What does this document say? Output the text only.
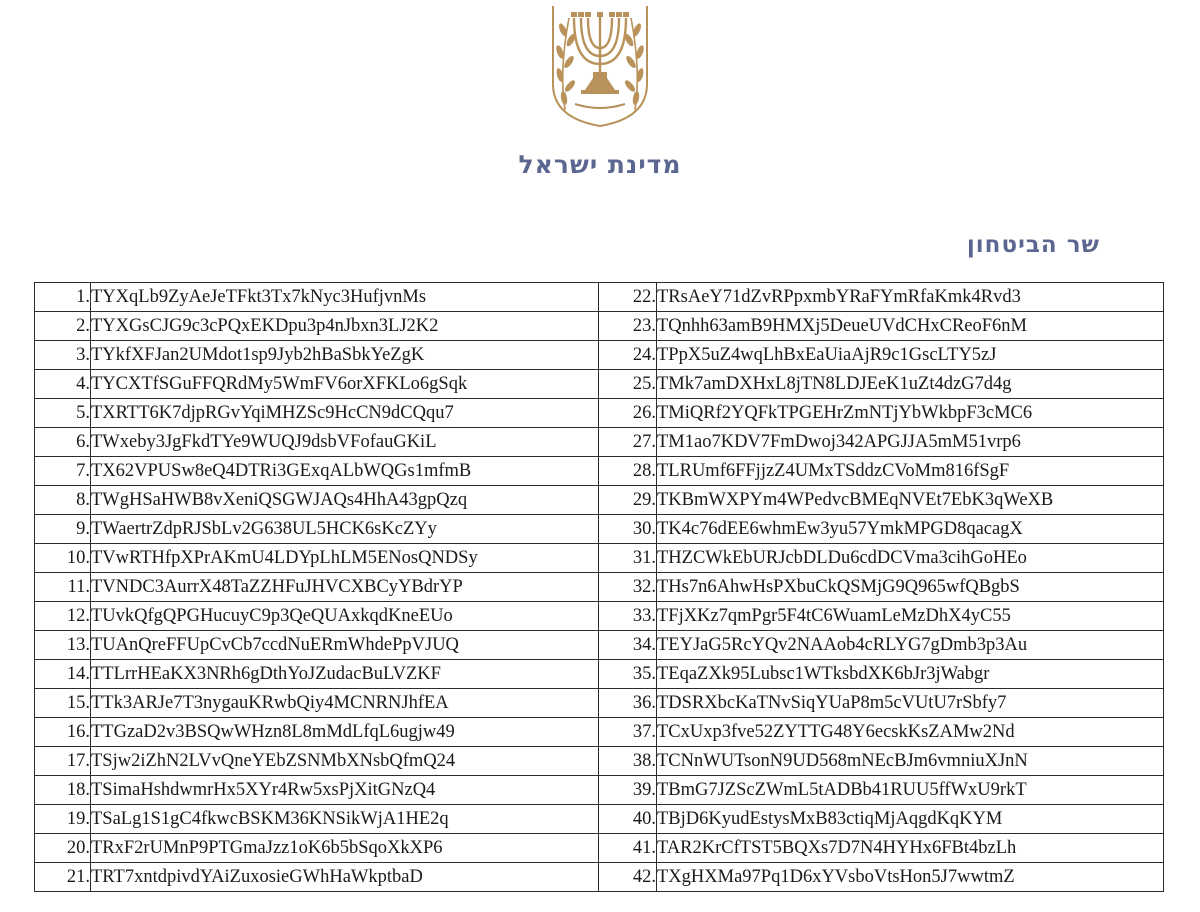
מדינת ישראל
שר הביטחון
1.	TYXqLb9ZyAeJeTFkt3Tx7kNyc3HufjvnMs	22.	TRsAeY71dZvRPpxmbYRaFYmRfaKmk4Rvd3
2.	TYXGsCJG9c3cPQxEKDpu3p4nJbxn3LJ2K2	23.	TQnhh63amB9HMXj5DeueUVdCHxCReoF6nM
3.	TYkfXFJan2UMdot1sp9Jyb2hBaSbkYeZgK	24.	TPpX5uZ4wqLhBxEaUiaAjR9c1GscLTY5zJ
4.	TYCXTfSGuFFQRdMy5WmFV6orXFKLo6gSqk	25.	TMk7amDXHxL8jTN8LDJEeK1uZt4dzG7d4g
5.	TXRTT6K7djpRGvYqiMHZSc9HcCN9dCQqu7	26.	TMiQRf2YQFkTPGEHrZmNTjYbWkbpF3cMC6
6.	TWxeby3JgFkdTYe9WUQJ9dsbVFofauGKiL	27.	TM1ao7KDV7FmDwoj342APGJJA5mM51vrp6
7.	TX62VPUSw8eQ4DTRi3GExqALbWQGs1mfmB	28.	TLRUmf6FFjjzZ4UMxTSddzCVoMm816fSgF
8.	TWgHSaHWB8vXeniQSGWJAQs4HhA43gpQzq	29.	TKBmWXPYm4WPedvcBMEqNVEt7EbK3qWeXB
9.	TWaertrZdpRJSbLv2G638UL5HCK6sKcZYy	30.	TK4c76dEE6whmEw3yu57YmkMPGD8qacagX
10.	TVwRTHfpXPrAKmU4LDYpLhLM5ENosQNDSy	31.	THZCWkEbURJcbDLDu6cdDCVma3cihGoHEo
11.	TVNDC3AurrX48TaZZHFuJHVCXBCyYBdrYP	32.	THs7n6AhwHsPXbuCkQSMjG9Q965wfQBgbS
12.	TUvkQfgQPGHucuyC9p3QeQUAxkqdKneEUo	33.	TFjXKz7qmPgr5F4tC6WuamLeMzDhX4yC55
13.	TUAnQreFFUpCvCb7ccdNuERmWhdePpVJUQ	34.	TEYJaG5RcYQv2NAAob4cRLYG7gDmb3p3Au
14.	TTLrrHEaKX3NRh6gDthYoJZudacBuLVZKF	35.	TEqaZXk95Lubsc1WTksbdXK6bJr3jWabgr
15.	TTk3ARJe7T3nygauKRwbQiy4MCNRNJhfEA	36.	TDSRXbcKaTNvSiqYUaP8m5cVUtU7rSbfy7
16.	TTGzaD2v3BSQwWHzn8L8mMdLfqL6ugjw49	37.	TCxUxp3fve52ZYTTG48Y6ecskKsZAMw2Nd
17.	TSjw2iZhN2LVvQneYEbZSNMbXNsbQfmQ24	38.	TCNnWUTsonN9UD568mNEcBJm6vmniuXJnN
18.	TSimaHshdwmrHx5XYr4Rw5xsPjXitGNzQ4	39.	TBmG7JZScZWmL5tADBb41RUU5ffWxU9rkT
19.	TSaLg1S1gC4fkwcBSKM36KNSikWjA1HE2q	40.	TBjD6KyudEstysMxB83ctiqMjAqgdKqKYM
20.	TRxF2rUMnP9PTGmaJzz1oK6b5bSqoXkXP6	41.	TAR2KrCfTST5BQXs7D7N4HYHx6FBt4bzLh
21.	TRT7xntdpivdYAiZuxosieGWhHaWkptbaD	42.	TXgHXMa97Pq1D6xYVsboVtsHon5J7wwtmZ
